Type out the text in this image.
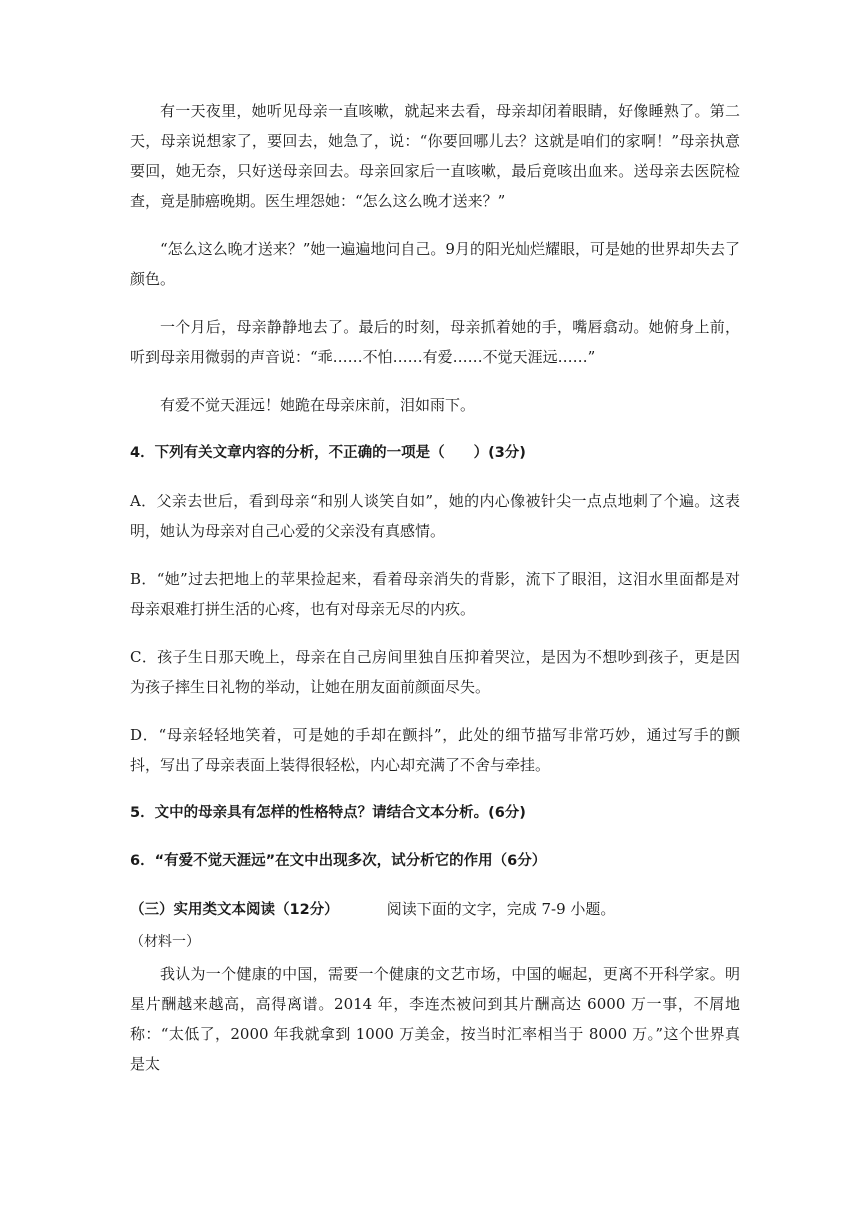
有一天夜里，她听见母亲一直咳嗽，就起来去看，母亲却闭着眼睛，好像睡熟了。第二天，母亲说想家了，要回去，她急了，说：“你要回哪儿去？这就是咱们的家啊！”母亲执意要回，她无奈，只好送母亲回去。母亲回家后一直咳嗽，最后竟咳出血来。送母亲去医院检查，竟是肺癌晚期。医生埋怨她：“怎么这么晚才送来？”

“怎么这么晚才送来？”她一遍遍地问自己。9月的阳光灿烂耀眼，可是她的世界却失去了颜色。

一个月后，母亲静静地去了。最后的时刻，母亲抓着她的手，嘴唇翕动。她俯身上前，听到母亲用微弱的声音说：“乖……不怕……有爱……不觉天涯远……”

有爱不觉天涯远！她跪在母亲床前，泪如雨下。

4．下列有关文章内容的分析，不正确的一项是（　　）(3分)

A．父亲去世后，看到母亲“和别人谈笑自如”，她的内心像被针尖一点点地刺了个遍。这表明，她认为母亲对自己心爱的父亲没有真感情。

B．“她”过去把地上的苹果捡起来，看着母亲消失的背影，流下了眼泪，这泪水里面都是对母亲艰难打拼生活的心疼，也有对母亲无尽的内疚。

C．孩子生日那天晚上，母亲在自己房间里独自压抑着哭泣，是因为不想吵到孩子，更是因为孩子摔生日礼物的举动，让她在朋友面前颜面尽失。

D．“母亲轻轻地笑着，可是她的手却在颤抖”，此处的细节描写非常巧妙，通过写手的颤抖，写出了母亲表面上装得很轻松，内心却充满了不舍与牵挂。

5．文中的母亲具有怎样的性格特点？请结合文本分析。(6分)

6．“有爱不觉天涯远”在文中出现多次，试分析它的作用（6分）

（三）实用类文本阅读（12分）	阅读下面的文字，完成 7-9 小题。
（材料一）

我认为一个健康的中国，需要一个健康的文艺市场，中国的崛起，更离不开科学家。明星片酬越来越高，高得离谱。2014 年，李连杰被问到其片酬高达 6000 万一事，不屑地称：“太低了，2000 年我就拿到 1000 万美金，按当时汇率相当于 8000 万。”这个世界真是太
